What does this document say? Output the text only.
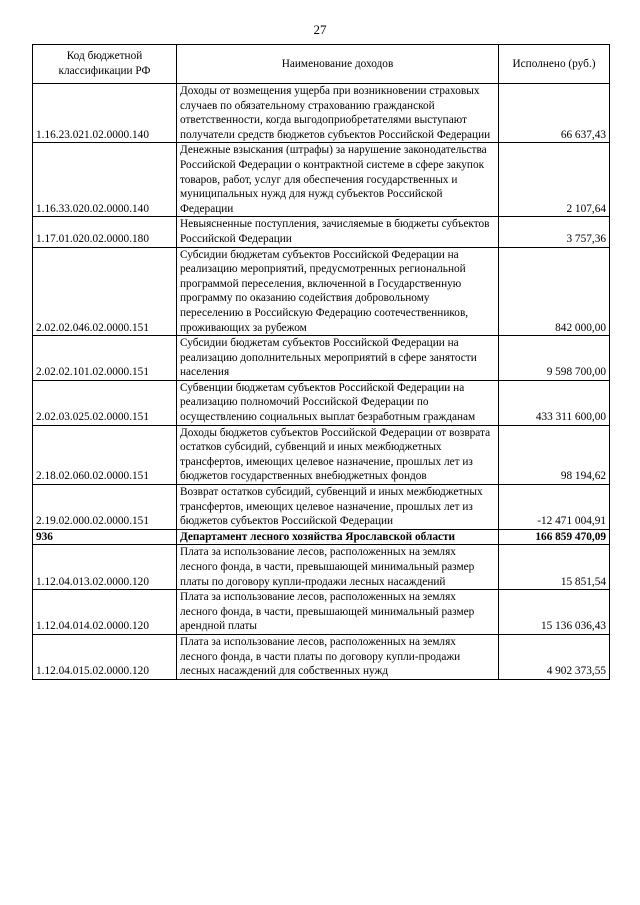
27
Код бюджетной классификации РФ	Наименование доходов	Исполнено (руб.)
1.16.23.021.02.0000.140	Доходы от возмещения ущерба при возникновении страховых случаев по обязательному страхованию гражданской ответственности, когда выгодоприобретателями выступают получатели средств бюджетов субъектов Российской Федерации	66 637,43
1.16.33.020.02.0000.140	Денежные взыскания (штрафы) за нарушение законодательства Российской Федерации о контрактной системе в сфере закупок товаров, работ, услуг для обеспечения государственных и муниципальных нужд для нужд субъектов Российской Федерации	2 107,64
1.17.01.020.02.0000.180	Невыясненные поступления, зачисляемые в бюджеты субъектов Российской Федерации	3 757,36
2.02.02.046.02.0000.151	Субсидии бюджетам субъектов Российской Федерации на реализацию мероприятий, предусмотренных региональной программой переселения, включенной в Государственную программу по оказанию содействия добровольному переселению в Российскую Федерацию соотечественников, проживающих за рубежом	842 000,00
2.02.02.101.02.0000.151	Субсидии бюджетам субъектов Российской Федерации на реализацию дополнительных мероприятий в сфере занятости населения	9 598 700,00
2.02.03.025.02.0000.151	Субвенции бюджетам субъектов Российской Федерации на реализацию полномочий Российской Федерации по осуществлению социальных выплат безработным гражданам	433 311 600,00
2.18.02.060.02.0000.151	Доходы бюджетов субъектов Российской Федерации от возврата остатков субсидий, субвенций и иных межбюджетных трансфертов, имеющих целевое назначение, прошлых лет из бюджетов государственных внебюджетных фондов	98 194,62
2.19.02.000.02.0000.151	Возврат остатков субсидий, субвенций и иных межбюджетных трансфертов, имеющих целевое назначение, прошлых лет из бюджетов субъектов Российской Федерации	-12 471 004,91
936	Департамент лесного хозяйства Ярославской области	166 859 470,09
1.12.04.013.02.0000.120	Плата за использование лесов, расположенных на землях лесного фонда, в части, превышающей минимальный размер платы по договору купли-продажи лесных насаждений	15 851,54
1.12.04.014.02.0000.120	Плата за использование лесов, расположенных на землях лесного фонда, в части, превышающей минимальный размер арендной платы	15 136 036,43
1.12.04.015.02.0000.120	Плата за использование лесов, расположенных на землях лесного фонда, в части платы по договору купли-продажи лесных насаждений для собственных нужд	4 902 373,55
